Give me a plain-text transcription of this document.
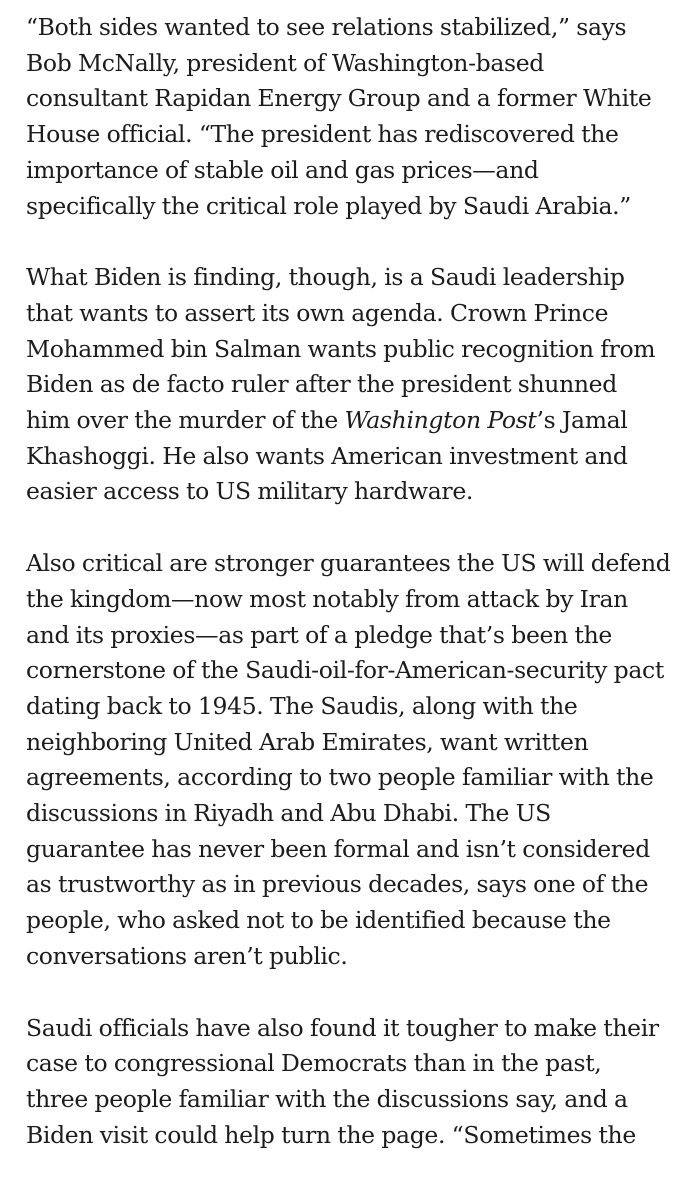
“Both sides wanted to see relations stabilized,” says
Bob McNally, president of Washington-based
consultant Rapidan Energy Group and a former White
House official. “The president has rediscovered the
importance of stable oil and gas prices—and
specifically the critical role played by Saudi Arabia.”

What Biden is finding, though, is a Saudi leadership
that wants to assert its own agenda. Crown Prince
Mohammed bin Salman wants public recognition from
Biden as de facto ruler after the president shunned
him over the murder of the Washington Post’s Jamal
Khashoggi. He also wants American investment and
easier access to US military hardware.

Also critical are stronger guarantees the US will defend
the kingdom—now most notably from attack by Iran
and its proxies—as part of a pledge that’s been the
cornerstone of the Saudi-oil-for-American-security pact
dating back to 1945. The Saudis, along with the
neighboring United Arab Emirates, want written
agreements, according to two people familiar with the
discussions in Riyadh and Abu Dhabi. The US
guarantee has never been formal and isn’t considered
as trustworthy as in previous decades, says one of the
people, who asked not to be identified because the
conversations aren’t public.

Saudi officials have also found it tougher to make their
case to congressional Democrats than in the past,
three people familiar with the discussions say, and a
Biden visit could help turn the page. “Sometimes the
